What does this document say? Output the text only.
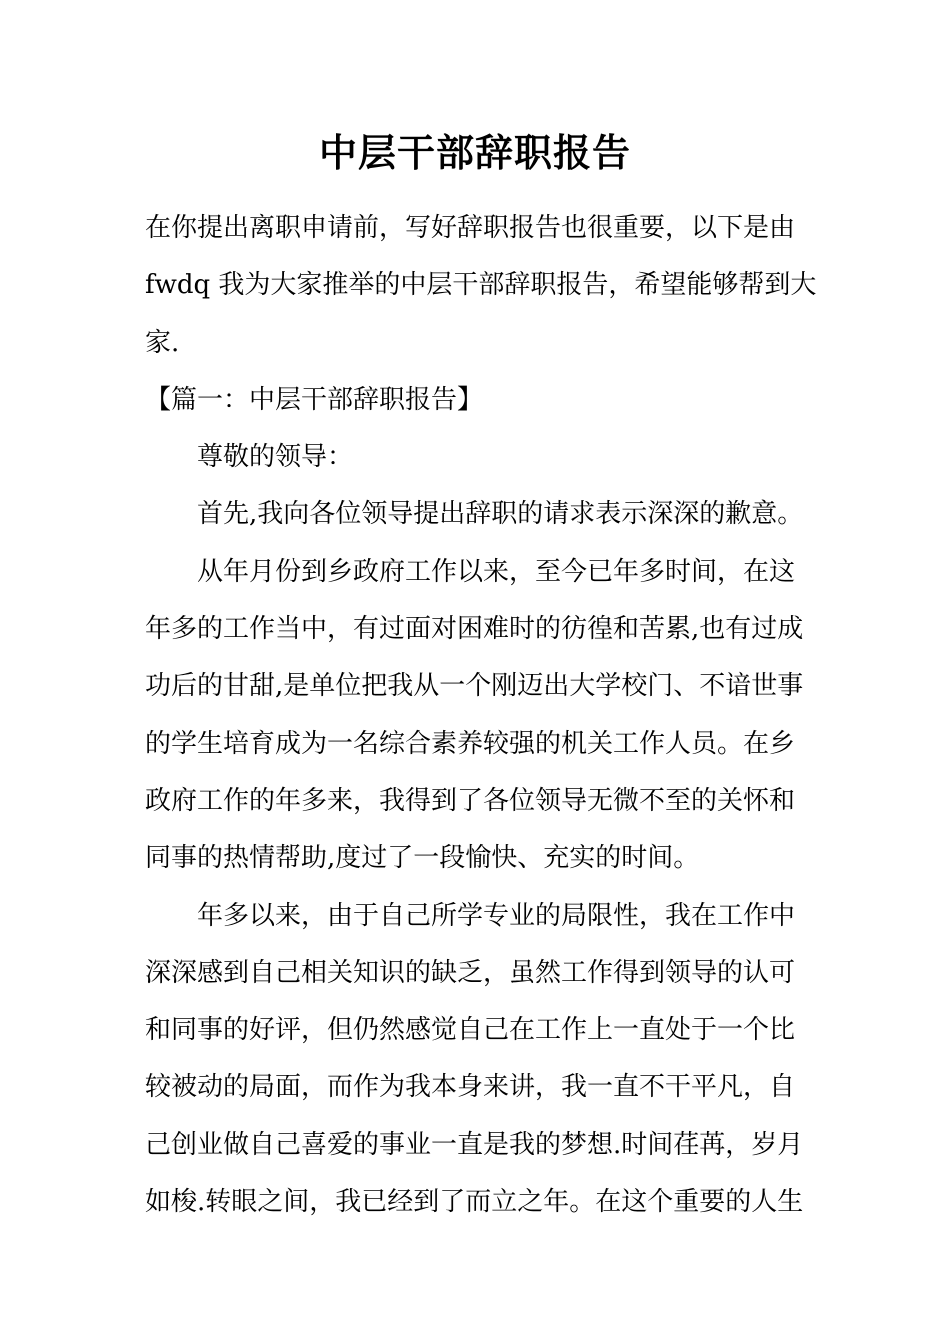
中层干部辞职报告
在你提出离职申请前，写好辞职报告也很重要，以下是由
fwdq 我为大家推举的中层干部辞职报告，希望能够帮到大
家.
【篇一：中层干部辞职报告】
尊敬的领导：
首先,我向各位领导提出辞职的请求表示深深的歉意。
从年月份到乡政府工作以来，至今已年多时间，在这
年多的工作当中，有过面对困难时的彷徨和苦累,也有过成
功后的甘甜,是单位把我从一个刚迈出大学校门、不谙世事
的学生培育成为一名综合素养较强的机关工作人员。在乡
政府工作的年多来，我得到了各位领导无微不至的关怀和
同事的热情帮助,度过了一段愉快、充实的时间。
年多以来，由于自己所学专业的局限性，我在工作中
深深感到自己相关知识的缺乏，虽然工作得到领导的认可
和同事的好评，但仍然感觉自己在工作上一直处于一个比
较被动的局面，而作为我本身来讲，我一直不干平凡，自
己创业做自己喜爱的事业一直是我的梦想.时间荏苒，岁月
如梭.转眼之间，我已经到了而立之年。在这个重要的人生
